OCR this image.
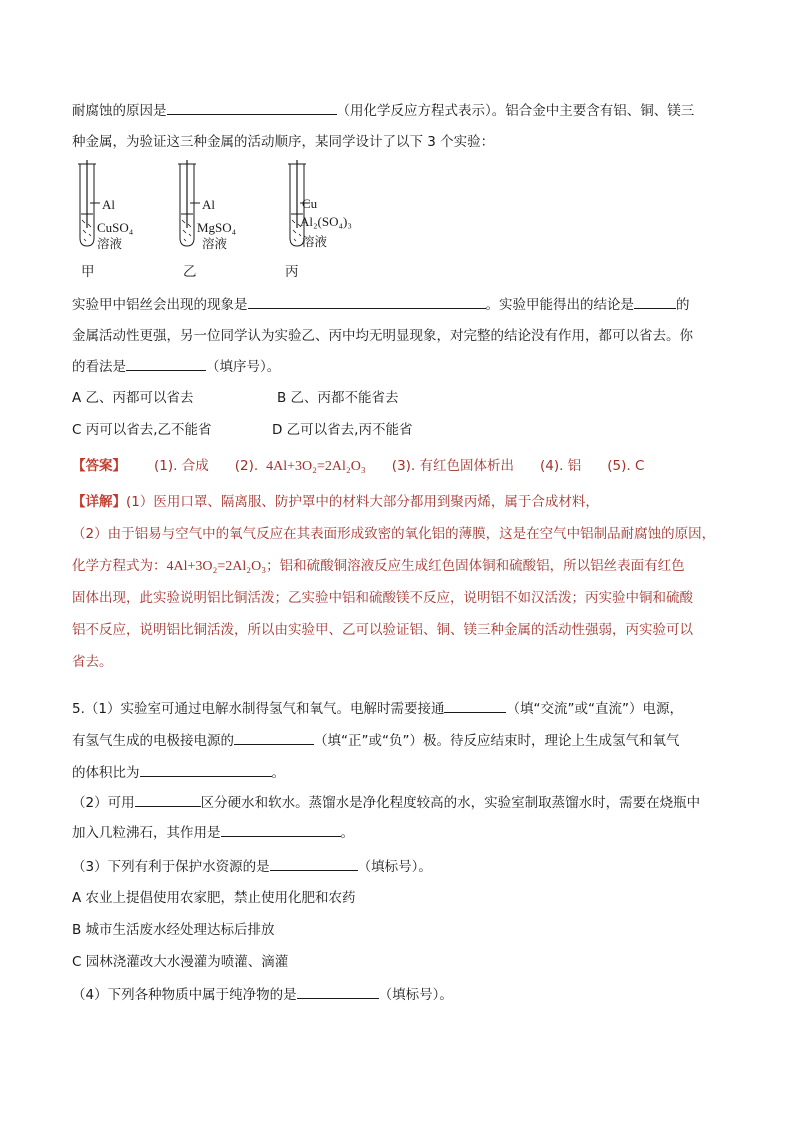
耐腐蚀的原因是	（用化学反应方程式表示）。铝合金中主要含有铝、铜、镁三
种金属，为验证这三种金属的活动顺序，某同学设计了以下 3 个实验：
Al
CuSO₄
溶液
甲
Al
MgSO₄
溶液
乙
Cu
Al₂(SO₄)₃
溶液
丙
实验甲中铝丝会出现的现象是	。实验甲能得出的结论是	的
金属活动性更强，另一位同学认为实验乙、丙中均无明显现象，对完整的结论没有作用，都可以省去。你
的看法是	（填序号）。
A 乙、丙都可以省去	B 乙、丙都不能省去
C 丙可以省去,乙不能省	D 乙可以省去,丙不能省
【答案】 (1). 合成 (2). 4Al+3O₂=2Al₂O₃ (3). 有红色固体析出 (4). 铝 (5). C
【详解】(1）医用口罩、隔离服、防护罩中的材料大部分都用到聚丙烯，属于合成材料，
（2）由于铝易与空气中的氧气反应在其表面形成致密的氧化铝的薄膜，这是在空气中铝制品耐腐蚀的原因，
化学方程式为：4Al+3O₂=2Al₂O₃；铝和硫酸铜溶液反应生成红色固体铜和硫酸铝，所以铝丝表面有红色
固体出现，此实验说明铝比铜活泼；乙实验中铝和硫酸镁不反应，说明铝不如汉活泼；丙实验中铜和硫酸
铝不反应，说明铝比铜活泼，所以由实验甲、乙可以验证铝、铜、镁三种金属的活动性强弱，丙实验可以
省去。
5.（1）实验室可通过电解水制得氢气和氧气。电解时需要接通	（填“交流”或“直流”）电源，
有氢气生成的电极接电源的	（填“正”或“负”）极。待反应结束时，理论上生成氢气和氧气
的体积比为	。
（2）可用	区分硬水和软水。蒸馏水是净化程度较高的水，实验室制取蒸馏水时，需要在烧瓶中
加入几粒沸石，其作用是	。
（3）下列有利于保护水资源的是	（填标号）。
A 农业上提倡使用农家肥，禁止使用化肥和农药
B 城市生活废水经处理达标后排放
C 园林浇灌改大水漫灌为喷灌、滴灌
（4）下列各种物质中属于纯净物的是	（填标号）。
